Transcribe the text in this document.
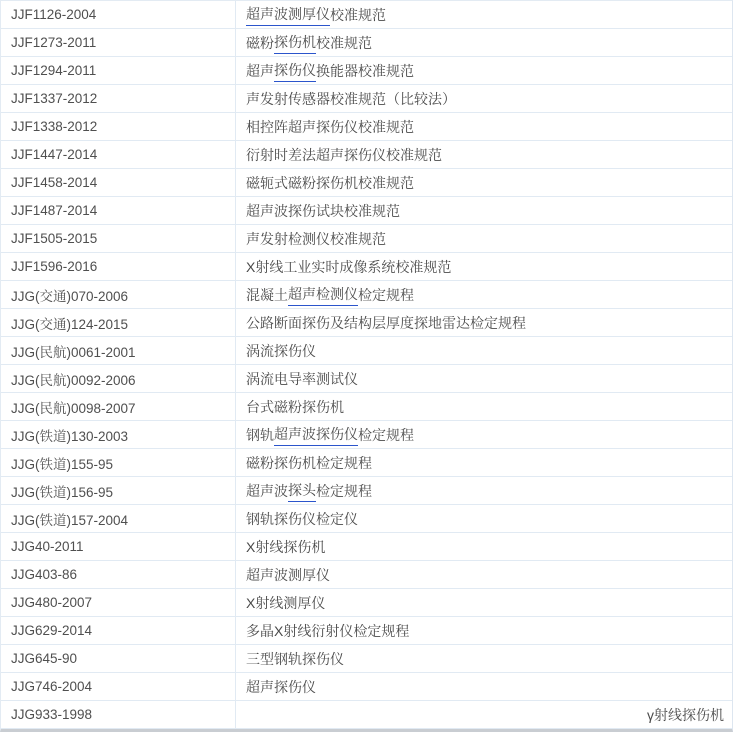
JJF1126-2004	超声波测厚仪 校准规范
JJF1273-2011	磁粉 探伤机 校准规范
JJF1294-2011	超声 探伤仪 换能器校准规范
JJF1337-2012	声发射传感器校准规范（比较法）
JJF1338-2012	相控阵超声探伤仪校准规范
JJF1447-2014	衍射时差法超声探伤仪校准规范
JJF1458-2014	磁轭式磁粉探伤机校准规范
JJF1487-2014	超声波探伤试块校准规范
JJF1505-2015	声发射检测仪校准规范
JJF1596-2016	X射线工业实时成像系统校准规范
JJG(交通)070-2006	混凝土 超声检测仪 检定规程
JJG(交通)124-2015	公路断面探伤及结构层厚度探地雷达检定规程
JJG(民航)0061-2001	涡流探伤仪
JJG(民航)0092-2006	涡流电导率测试仪
JJG(民航)0098-2007	台式磁粉探伤机
JJG(铁道)130-2003	钢轨 超声波探伤仪 检定规程
JJG(铁道)155-95	磁粉探伤机检定规程
JJG(铁道)156-95	超声波 探头 检定规程
JJG(铁道)157-2004	钢轨探伤仪检定仪
JJG40-2011	X射线探伤机
JJG403-86	超声波测厚仪
JJG480-2007	X射线测厚仪
JJG629-2014	多晶X射线衍射仪检定规程
JJG645-90	三型钢轨探伤仪
JJG746-2004	超声探伤仪
JJG933-1998	γ射线探伤机
